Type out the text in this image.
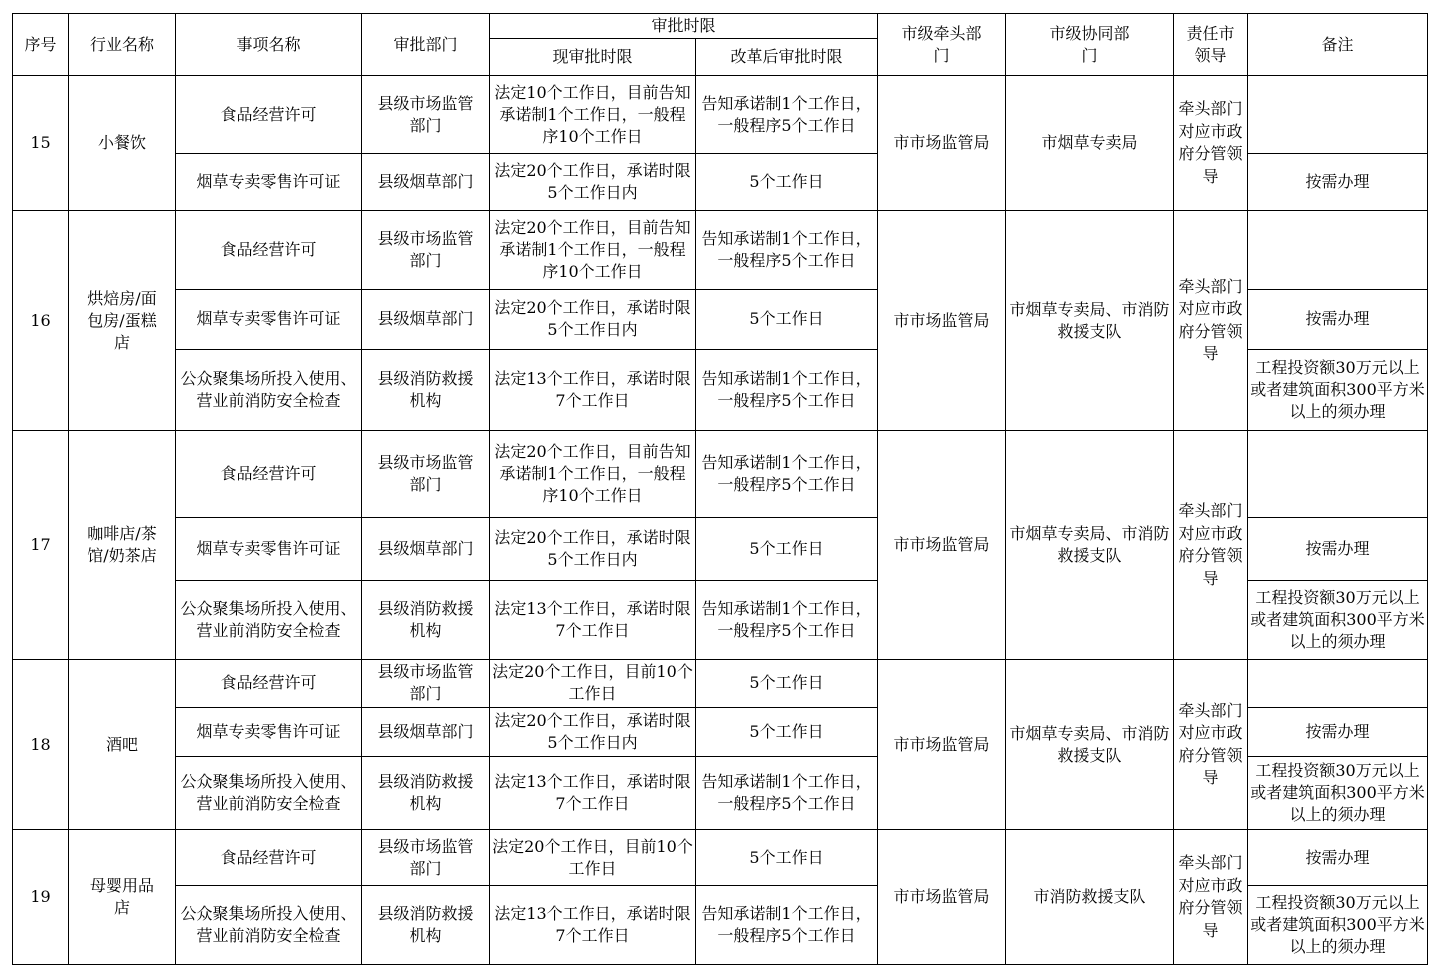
序号	行业名称	事项名称	审批部门	审批时限		市级牵头部门	市级协同部门	责任市领导	备注
				现审批时限	改革后审批时限				
15	小餐饮	食品经营许可	县级市场监管部门	法定10个工作日，目前告知承诺制1个工作日，一般程序10个工作日	告知承诺制1个工作日，一般程序5个工作日	市市场监管局	市烟草专卖局	牵头部门对应市政府分管领导	
		烟草专卖零售许可证	县级烟草部门	法定20个工作日，承诺时限5个工作日内	5个工作日				按需办理
16	烘焙房/面包房/蛋糕店	食品经营许可	县级市场监管部门	法定20个工作日，目前告知承诺制1个工作日，一般程序10个工作日	告知承诺制1个工作日，一般程序5个工作日	市市场监管局	市烟草专卖局、市消防救援支队	牵头部门对应市政府分管领导	
		烟草专卖零售许可证	县级烟草部门	法定20个工作日，承诺时限5个工作日内	5个工作日				按需办理
		公众聚集场所投入使用、营业前消防安全检查	县级消防救援机构	法定13个工作日，承诺时限7个工作日	告知承诺制1个工作日，一般程序5个工作日				工程投资额30万元以上或者建筑面积300平方米以上的须办理
17	咖啡店/茶馆/奶茶店	食品经营许可	县级市场监管部门	法定20个工作日，目前告知承诺制1个工作日，一般程序10个工作日	告知承诺制1个工作日，一般程序5个工作日	市市场监管局	市烟草专卖局、市消防救援支队	牵头部门对应市政府分管领导	
		烟草专卖零售许可证	县级烟草部门	法定20个工作日，承诺时限5个工作日内	5个工作日				按需办理
		公众聚集场所投入使用、营业前消防安全检查	县级消防救援机构	法定13个工作日，承诺时限7个工作日	告知承诺制1个工作日，一般程序5个工作日				工程投资额30万元以上或者建筑面积300平方米以上的须办理
18	酒吧	食品经营许可	县级市场监管部门	法定20个工作日，目前10个工作日	5个工作日	市市场监管局	市烟草专卖局、市消防救援支队	牵头部门对应市政府分管领导	
		烟草专卖零售许可证	县级烟草部门	法定20个工作日，承诺时限5个工作日内	5个工作日				按需办理
		公众聚集场所投入使用、营业前消防安全检查	县级消防救援机构	法定13个工作日，承诺时限7个工作日	告知承诺制1个工作日，一般程序5个工作日				工程投资额30万元以上或者建筑面积300平方米以上的须办理
19	母婴用品店	食品经营许可	县级市场监管部门	法定20个工作日，目前10个工作日	5个工作日	市市场监管局	市消防救援支队	牵头部门对应市政府分管领导	按需办理
		公众聚集场所投入使用、营业前消防安全检查	县级消防救援机构	法定13个工作日，承诺时限7个工作日	告知承诺制1个工作日，一般程序5个工作日				工程投资额30万元以上或者建筑面积300平方米以上的须办理
